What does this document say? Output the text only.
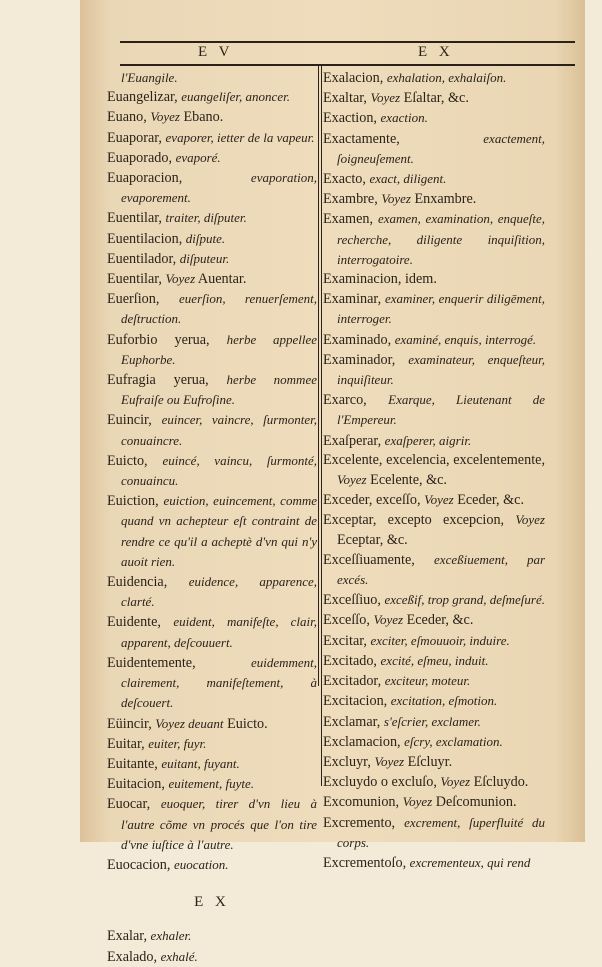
E V	E X
l'Euangile.
Euangelizar, euangeliſer, anoncer.
Euano, Voyez Ebano.
Euaporar, evaporer, ietter de la vapeur.
Euaporado, evaporé.
Euaporacion,	evaporation, evaporement.
Euentilar, traiter, diſputer.
Euentilacion, diſpute.
Euentilador, diſputeur.
Euentilar, Voyez Auentar.
Euerſion, euerſion, renuerſement, deſtruction.
Euforbio yerua, herbe appellee Euphorbe.
Eufragia yerua, herbe nommee Eufraiſe ou Eufroſine.
Euincir, euincer, vaincre, ſurmonter, conuaincre.
Euicto, euincé, vaincu, ſurmonté, conuaincu.
Euiction, euiction, euincement, comme quand vn achepteur eſt contraint de rendre ce qu'il a acheptè d'vn qui n'y auoit rien.
Euidencia, euidence, apparence, clarté.
Euidente, euident, manifeſte, clair, apparent, deſcouuert.
Euidentemente,	euidemment, clairement, manifeſtement, à deſcouert.
Eüincir, Voyez deuant Euicto.
Euitar, euiter, fuyr.
Euitante, euitant, fuyant.
Euitacion, euitement, fuyte.
Euocar, euoquer, tirer d'vn lieu à l'autre cõme vn procés que l'on tire d'vne iuſtice à l'autre.
Euocacion, euocation.
E X
Exalar, exhaler.
Exalado, exhalé.
Exalacion, exhalation, exhalaiſon.
Exaltar, Voyez Eſaltar, &c.
Exaction, exaction.
Exactamente,	exactement, ſoigneuſement.
Exacto, exact, diligent.
Exambre, Voyez Enxambre.
Examen, examen, examination, enqueſte, recherche, diligente inquiſition, interrogatoire.
Examinacion, idem.
Examinar, examiner, enquerir diligēment, interroger.
Examinado, examiné, enquis, interrogé.
Examinador, examinateur, enqueſteur, inquiſiteur.
Exarco, Exarque, Lieutenant de l'Empereur.
Exaſperar, exaſperer, aigrir.
Excelente, excelencia, excelentemente, Voyez Ecelente, &c.
Exceder, exceſſo, Voyez Eceder, &c.
Exceptar, excepto excepcion, Voyez Eceptar, &c.
Exceſſiuamente, exceßiuement, par excés.
Exceſſiuo, exceßif, trop grand, deſmeſuré.
Exceſſo, Voyez Eceder, &c.
Excitar, exciter, eſmouuoir, induire.
Excitado, excité, eſmeu, induit.
Excitador, exciteur, moteur.
Excitacion, excitation, eſmotion.
Exclamar, s'eſcrier, exclamer.
Exclamacion, eſcry, exclamation.
Excluyr, Voyez Eſcluyr.
Excluydo o excluſo, Voyez Eſcluydo.
Excomunion, Voyez Deſcomunion.
Excremento, excrement, ſuperfluité du corps.
Excrementoſo, excrementeux, qui rend
